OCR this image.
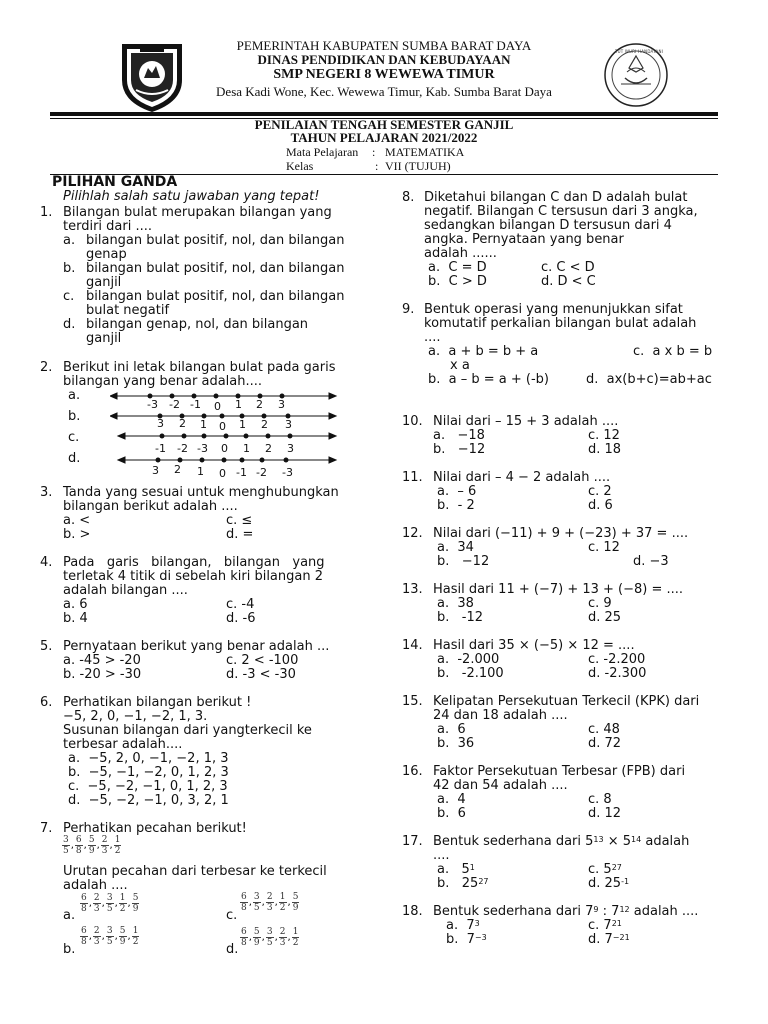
TUT WURI HANDAYANI
PEMERINTAH KABUPATEN SUMBA BARAT DAYA
DINAS PENDIDIKAN DAN KEBUDAYAAN
SMP NEGERI 8 WEWEWA TIMUR
Desa Kadi Wone, Kec. Wewewa Timur, Kab. Sumba Barat Daya
PENILAIAN TENGAH SEMESTER GANJIL
TAHUN PELAJARAN 2021/2022
Mata Pelajaran : MATEMATIKA
Kelas	: VII (TUJUH)
PILIHAN GANDA
Pilihlah salah satu jawaban yang tepat!
1. Bilangan bulat merupakan bilangan yang
terdiri dari ....
a. bilangan bulat positif, nol, dan bilangan
genap
b. bilangan bulat positif, nol, dan bilangan
ganjil
c. bilangan bulat positif, nol, dan bilangan
bulat negatif
d. bilangan genap, nol, dan bilangan
ganjil
2. Berikut ini letak bilangan bulat pada garis
bilangan yang benar adalah....
a.
b.
c.
d.
-3 -2 -1 0 1 2 3
3 2 1 0 1 2 3
-1 -2 -3 0 1 2 3
3 2 1 0 -1 -2 -3
3. Tanda yang sesuai untuk menghubungkan
bilangan berikut adalah ....
a. <
b. >
c. ≤
d. =
4. Pada   garis   bilangan,   bilangan   yang
terletak 4 titik di sebelah kiri bilangan 2
adalah bilangan ....
a. 6
b. 4
c. -4
d. -6
5. Pernyataan berikut yang benar adalah ...
a. -45 > -20
b. -20 > -30
c. 2 < -100
d. -3 < -30
6. Perhatikan bilangan berikut !
−5, 2, 0, −1, −2, 1, 3.
Susunan bilangan dari yangterkecil ke
terbesar adalah....
a.  −5, 2, 0, −1, −2, 1, 3
b.  −5, −1, −2, 0, 1, 2, 3
c.  −5, −2, −1, 0, 1, 2, 3
d.  −5, −2, −1, 0, 3, 2, 1
7. Perhatikan pecahan berikut!
$\frac{3}{5}$ , $\frac{6}{8}$ , $\frac{5}{9}$ , $\frac{2}{3}$ , $\frac{1}{2}$
Urutan pecahan dari terbesar ke terkecil
adalah ....
a.
$\frac{6}{8}$ , $\frac{2}{3}$ , $\frac{3}{5}$ , $\frac{1}{2}$ , $\frac{5}{9}$
b.
$\frac{6}{8}$ , $\frac{2}{3}$ , $\frac{3}{5}$ , $\frac{5}{9}$ , $\frac{1}{2}$
c.
$\frac{6}{8}$ , $\frac{3}{5}$ , $\frac{2}{3}$ , $\frac{1}{2}$ , $\frac{5}{9}$
d.
$\frac{6}{8}$ , $\frac{5}{9}$ , $\frac{3}{5}$ , $\frac{2}{3}$ , $\frac{1}{2}$
8. Diketahui bilangan C dan D adalah bulat
negatif. Bilangan C tersusun dari 3 angka,
sedangkan bilangan D tersusun dari 4
angka. Pernyataan yang benar
adalah ......
a.  C = D
b.  C > D
c. C < D
d. D < C
9. Bentuk operasi yang menunjukkan sifat
komutatif perkalian bilangan bulat adalah
....
a.  a + b = b + a
x a
b.  a – b = a + (-b)
c.  a x b = b
d.  ax(b+c)=ab+ac
10. Nilai dari – 15 + 3 adalah ....
a.   −18
b.   −12
c. 12
d. 18
11. Nilai dari – 4 − 2 adalah ....
a.  – 6
b.  - 2
c. 2
d. 6
12. Nilai dari (−11) + 9 + (−23) + 37 = ....
a.  34
b.   −12
c. 12
d. −3
13. Hasil dari 11 + (−7) + 13 + (−8) = ....
a.  38
b.   -12
c. 9
d. 25
14. Hasil dari 35 × (−5) × 12 = ....
a.  -2.000
b.   -2.100
c. -2.200
d. -2.300
15. Kelipatan Persekutuan Terkecil (KPK) dari
24 dan 18 adalah ....
a.  6
b.  36
c. 48
d. 72
16. Faktor Persekutuan Terbesar (FPB) dari
42 dan 54 adalah ....
a.  4
b.  6
c. 8
d. 12
17. Bentuk sederhana dari $5^{13} \times 5^{14}$ adalah
....
a.   $5^1$
b.   $25^{27}$
c. $5^{27}$
d. $25^{-1}$
18. Bentuk sederhana dari $7^9$ : $7^{12}$ adalah ....
a.  $7^3$
b.  $7^{-3}$
c. $7^{21}$
d. $7^{-21}$
